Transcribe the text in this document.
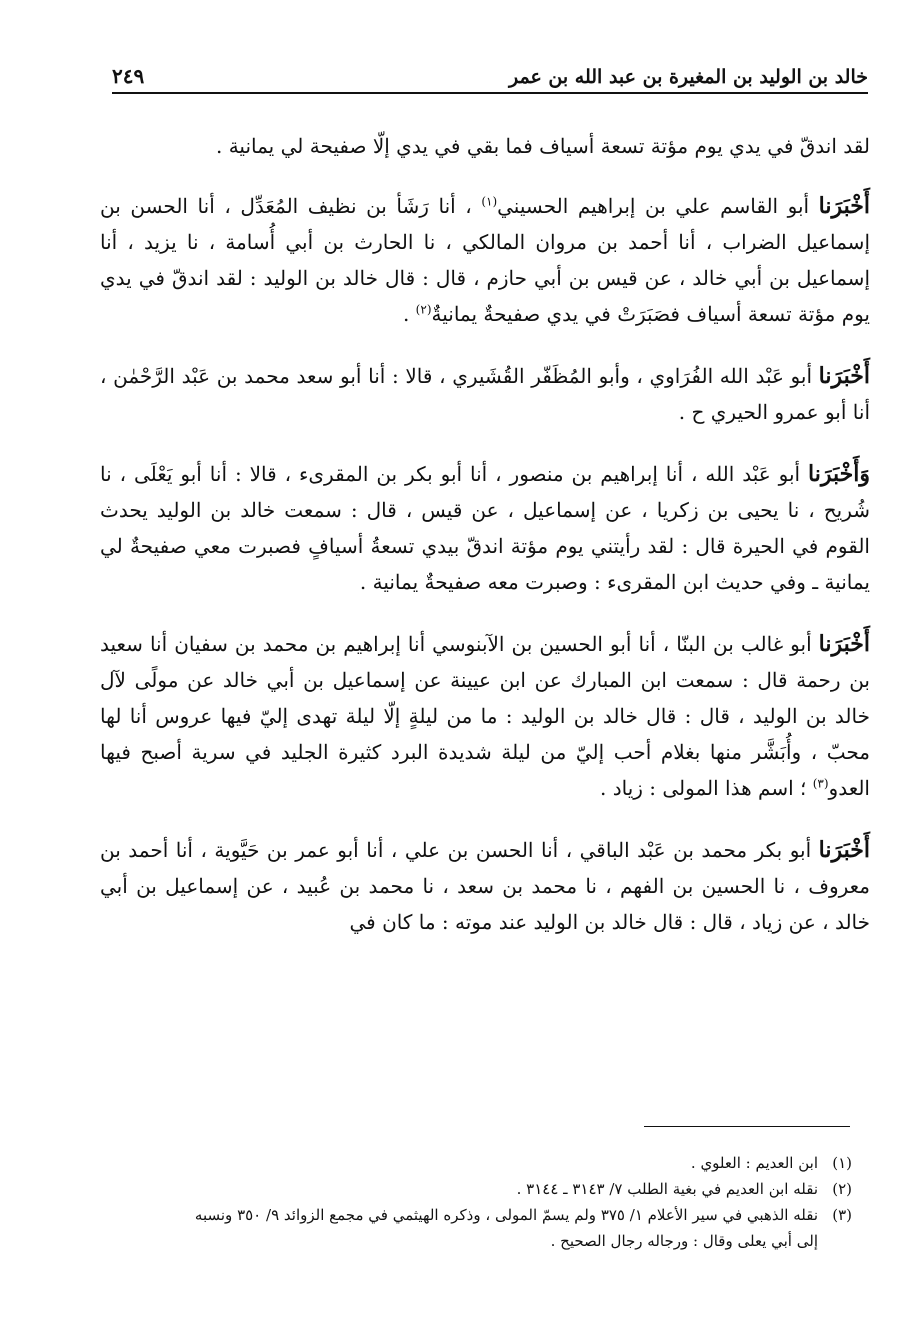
خالد بن الوليد بن المغيرة بن عبد الله بن عمر
٢٤٩

لقد اندقّ في يدي يوم مؤتة تسعة أسياف فما بقي في يدي إلّا صفيحة لي يمانية .

أَخْبَرَنا أبو القاسم علي بن إبراهيم الحسيني$^{(١)}$ ، أنا رَشَأ بن نظيف المُعَدِّل ، أنا الحسن بن إسماعيل الضراب ، أنا أحمد بن مروان المالكي ، نا الحارث بن أبي أُسامة ، نا يزيد ، أنا إسماعيل بن أبي خالد ، عن قيس بن أبي حازم ، قال : قال خالد بن الوليد : لقد اندقّ في يدي يوم مؤتة تسعة أسياف فصَبَرَتْ في يدي صفيحةٌ يمانيةٌ$^{(٢)}$ .

أَخْبَرَنا أبو عَبْد الله الفُرَاوي ، وأبو المُظَفّر القُشَيري ، قالا : أنا أبو سعد محمد بن عَبْد الرَّحْمٰن ، أنا أبو عمرو الحيري ح .

وَأَخْبَرَنا أبو عَبْد الله ، أنا إبراهيم بن منصور ، أنا أبو بكر بن المقرىء ، قالا : أنا أبو يَعْلَى ، نا شُريح ، نا يحيى بن زكريا ، عن إسماعيل ، عن قيس ، قال : سمعت خالد بن الوليد يحدث القوم في الحيرة قال : لقد رأيتني يوم مؤتة اندقّ بيدي تسعةُ أسيافٍ فصبرت معي صفيحةٌ لي يمانية ـ وفي حديث ابن المقرىء : وصبرت معه صفيحةٌ يمانية .

أَخْبَرَنا أبو غالب بن البنّا ، أنا أبو الحسين بن الآبنوسي أنا إبراهيم بن محمد بن سفيان أنا سعيد بن رحمة قال : سمعت ابن المبارك عن ابن عيينة عن إسماعيل بن أبي خالد عن مولًى لآل خالد بن الوليد ، قال : قال خالد بن الوليد : ما من ليلةٍ إلّا ليلة تهدى إليّ فيها عروس أنا لها محبّ ، وأُبَشَّر منها بغلام أحب إليّ من ليلة شديدة البرد كثيرة الجليد في سرية أصبح فيها العدو$^{(٣)}$ ؛ اسم هذا المولى : زياد .

أَخْبَرَنا أبو بكر محمد بن عَبْد الباقي ، أنا الحسن بن علي ، أنا أبو عمر بن حَيَّوية ، أنا أحمد بن معروف ، نا الحسين بن الفهم ، نا محمد بن سعد ، نا محمد بن عُبيد ، عن إسماعيل بن أبي خالد ، عن زياد ، قال : قال خالد بن الوليد عند موته : ما كان في

(١)ابن العديم : العلوي .

(٢)نقله ابن العديم في بغية الطلب ٧/ ٣١٤٣ ـ ٣١٤٤ .

(٣)نقله الذهبي في سير الأعلام ١/ ٣٧٥ ولم يسمّ المولى ، وذكره الهيثمي في مجمع الزوائد ٩/ ٣٥٠ ونسبه

إلى أبي يعلى وقال : ورجاله رجال الصحيح .
